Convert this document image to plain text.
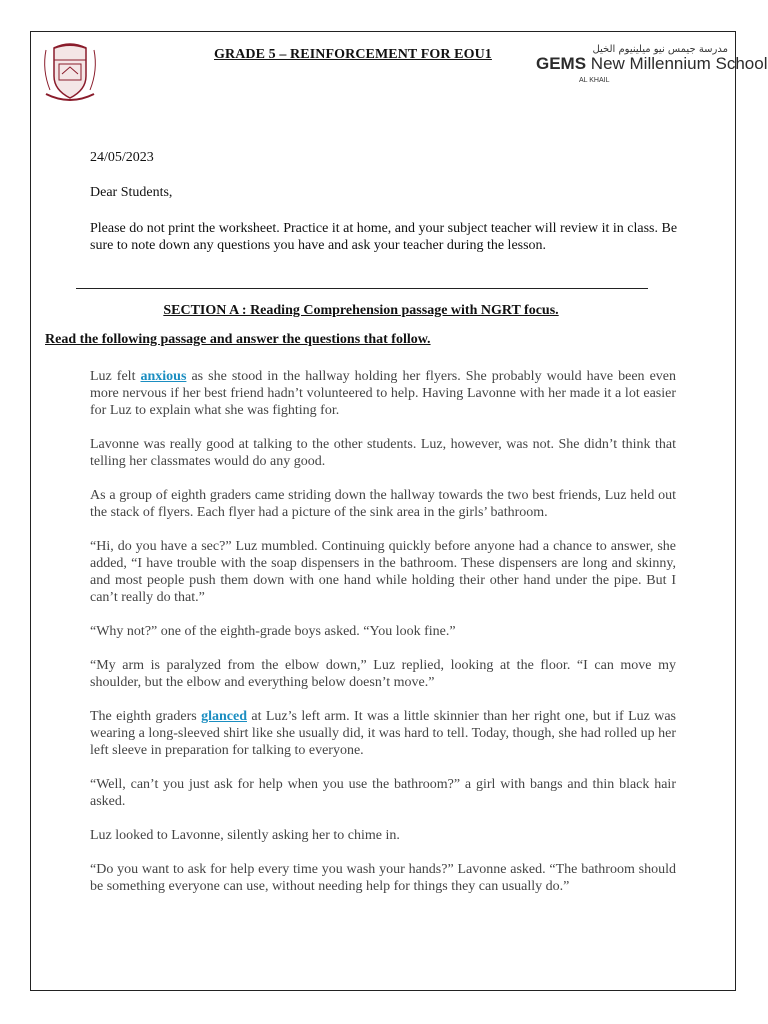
GRADE 5 – REINFORCEMENT FOR EOU1	مدرسة جيمس نيو ميلينيوم الخيل
GEMS New Millennium School
AL KHAIL
24/05/2023
Dear Students,
Please do not print the worksheet. Practice it at home, and your subject teacher will review it in class. Be sure to note down any questions you have and ask your teacher during the lesson.
SECTION A : Reading Comprehension passage with NGRT focus.
Read the following passage and answer the questions that follow.

Luz felt anxious as she stood in the hallway holding her flyers. She probably would have been even more nervous if her best friend hadn’t volunteered to help. Having Lavonne with her made it a lot easier for Luz to explain what she was fighting for.

Lavonne was really good at talking to the other students. Luz, however, was not. She didn’t think that telling her classmates would do any good.

As a group of eighth graders came striding down the hallway towards the two best friends, Luz held out the stack of flyers. Each flyer had a picture of the sink area in the girls’ bathroom.

“Hi, do you have a sec?” Luz mumbled. Continuing quickly before anyone had a chance to answer, she added, “I have trouble with the soap dispensers in the bathroom. These dispensers are long and skinny, and most people push them down with one hand while holding their other hand under the pipe. But I can’t really do that.”

“Why not?” one of the eighth-grade boys asked. “You look fine.”

“My arm is paralyzed from the elbow down,” Luz replied, looking at the floor. “I can move my shoulder, but the elbow and everything below doesn’t move.”

The eighth graders glanced at Luz’s left arm. It was a little skinnier than her right one, but if Luz was wearing a long-sleeved shirt like she usually did, it was hard to tell. Today, though, she had rolled up her left sleeve in preparation for talking to everyone.

“Well, can’t you just ask for help when you use the bathroom?” a girl with bangs and thin black hair asked.

Luz looked to Lavonne, silently asking her to chime in.

“Do you want to ask for help every time you wash your hands?” Lavonne asked. “The bathroom should be something everyone can use, without needing help for things they can usually do.”
